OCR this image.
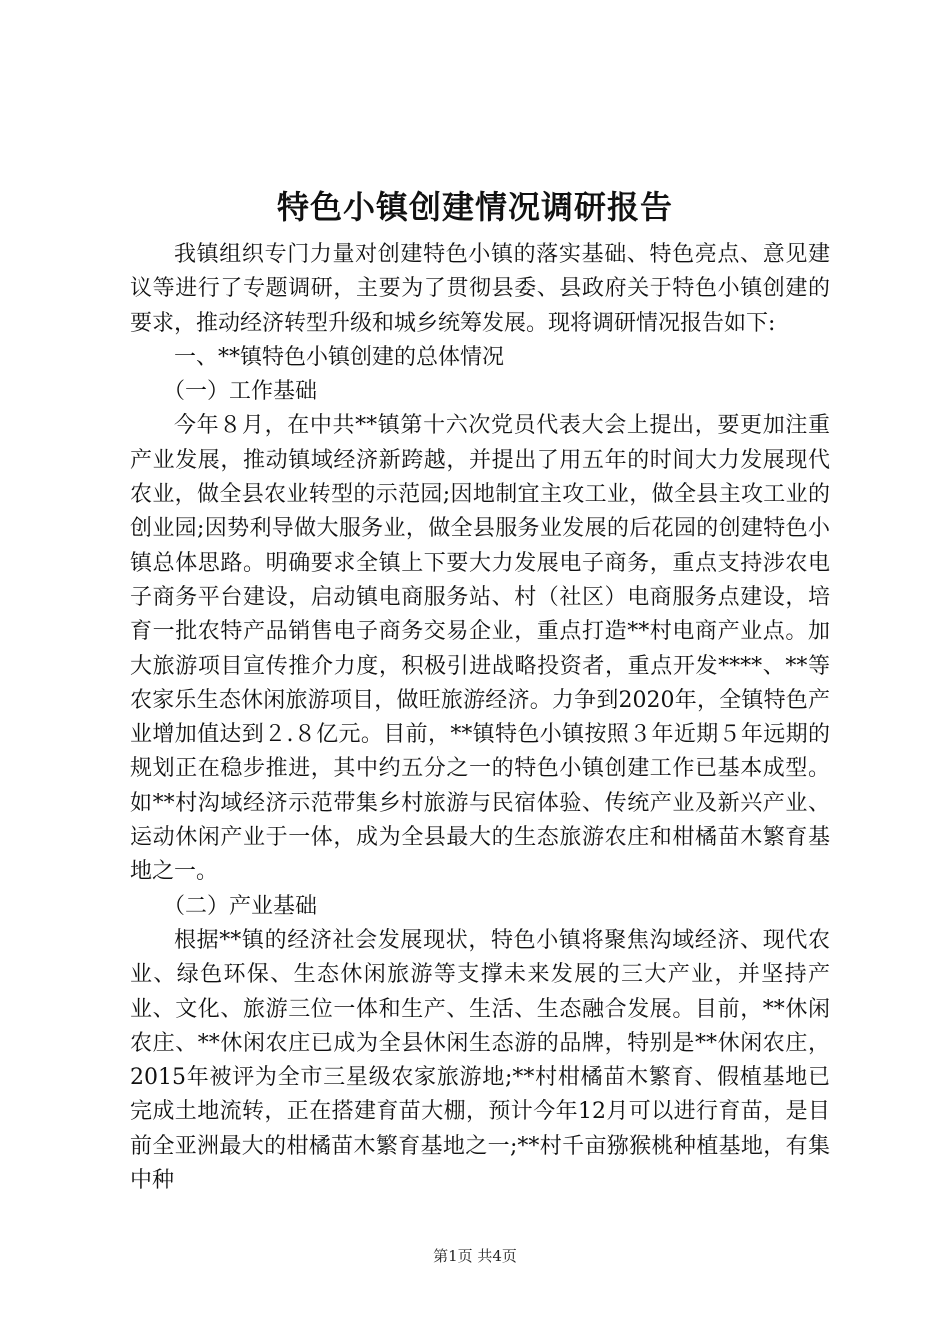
特色小镇创建情况调研报告

我镇组织专门力量对创建特色小镇的落实基础、特色亮点、意见建议等进行了专题调研，主要为了贯彻县委、县政府关于特色小镇创建的要求，推动经济转型升级和城乡统筹发展。现将调研情况报告如下:

一、**镇特色小镇创建的总体情况

（一）工作基础

今年８月，在中共**镇第十六次党员代表大会上提出，要更加注重产业发展，推动镇域经济新跨越，并提出了用五年的时间大力发展现代农业，做全县农业转型的示范园;因地制宜主攻工业，做全县主攻工业的创业园;因势利导做大服务业，做全县服务业发展的后花园的创建特色小镇总体思路。明确要求全镇上下要大力发展电子商务，重点支持涉农电子商务平台建设，启动镇电商服务站、村（社区）电商服务点建设，培育一批农特产品销售电子商务交易企业，重点打造**村电商产业点。加大旅游项目宣传推介力度，积极引进战略投资者，重点开发****、**等农家乐生态休闲旅游项目，做旺旅游经济。力争到2020年，全镇特色产业增加值达到２.８亿元。目前，**镇特色小镇按照３年近期５年远期的规划正在稳步推进，其中约五分之一的特色小镇创建工作已基本成型。如**村沟域经济示范带集乡村旅游与民宿体验、传统产业及新兴产业、运动休闲产业于一体，成为全县最大的生态旅游农庄和柑橘苗木繁育基地之一。

（二）产业基础

根据**镇的经济社会发展现状，特色小镇将聚焦沟域经济、现代农业、绿色环保、生态休闲旅游等支撑未来发展的三大产业，并坚持产业、文化、旅游三位一体和生产、生活、生态融合发展。目前，**休闲农庄、**休闲农庄已成为全县休闲生态游的品牌，特别是**休闲农庄，2015年被评为全市三星级农家旅游地;**村柑橘苗木繁育、假植基地已完成土地流转，正在搭建育苗大棚，预计今年12月可以进行育苗，是目前全亚洲最大的柑橘苗木繁育基地之一;**村千亩猕猴桃种植基地，有集中种

第1页 共4页
